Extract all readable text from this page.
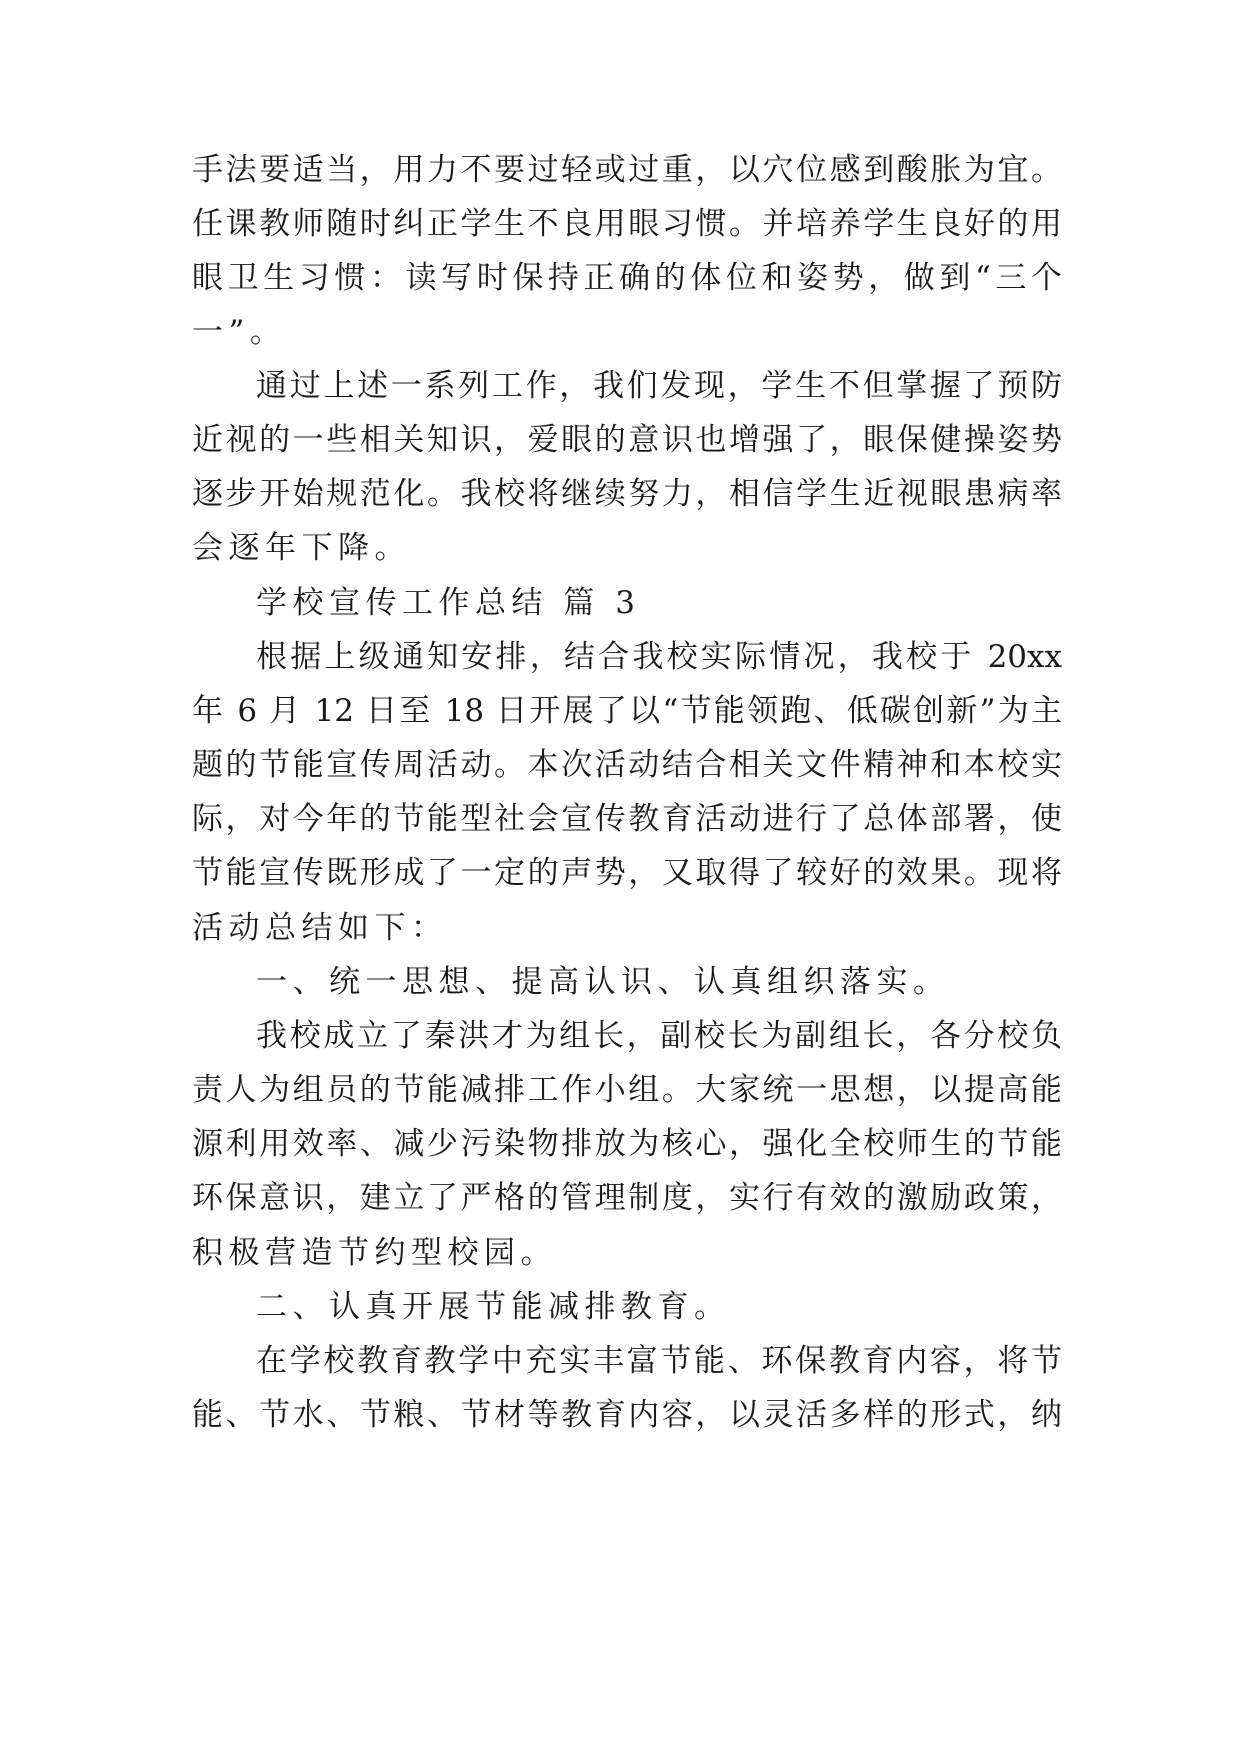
手法要适当，用力不要过轻或过重，以穴位感到酸胀为宜。
任课教师随时纠正学生不良用眼习惯。并培养学生良好的用
眼卫生习惯：读写时保持正确的体位和姿势，做到“三个
一”。
通过上述一系列工作，我们发现，学生不但掌握了预防
近视的一些相关知识，爱眼的意识也增强了，眼保健操姿势
逐步开始规范化。我校将继续努力，相信学生近视眼患病率
会逐年下降。
学校宣传工作总结 篇 3
根据上级通知安排，结合我校实际情况，我校于 20xx
年 6 月 12 日至 18 日开展了以“节能领跑、低碳创新”为主
题的节能宣传周活动。本次活动结合相关文件精神和本校实
际，对今年的节能型社会宣传教育活动进行了总体部署，使
节能宣传既形成了一定的声势，又取得了较好的效果。现将
活动总结如下：
一、统一思想、提高认识、认真组织落实。
我校成立了秦洪才为组长，副校长为副组长，各分校负
责人为组员的节能减排工作小组。大家统一思想，以提高能
源利用效率、减少污染物排放为核心，强化全校师生的节能
环保意识，建立了严格的管理制度，实行有效的激励政策，
积极营造节约型校园。
二、认真开展节能减排教育。
在学校教育教学中充实丰富节能、环保教育内容，将节
能、节水、节粮、节材等教育内容，以灵活多样的形式，纳
